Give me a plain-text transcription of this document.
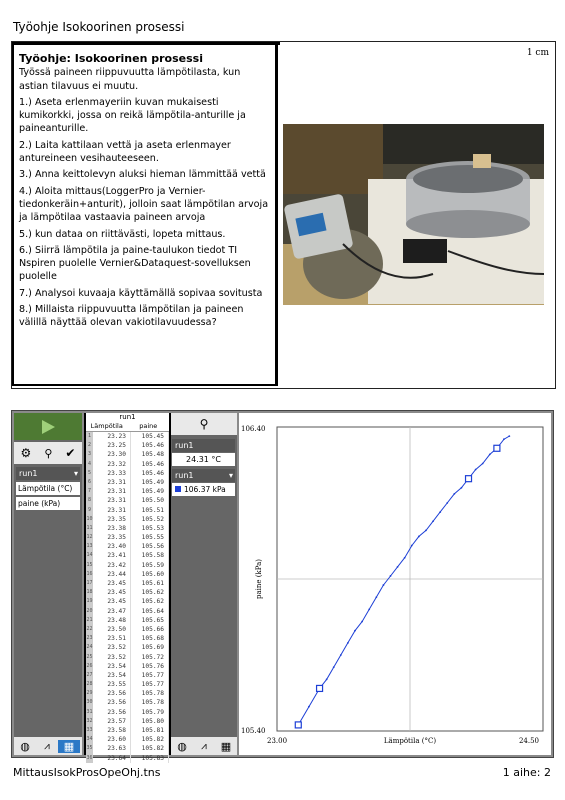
Työohje Isokoorinen prosessi
Työohje: Isokoorinen prosessi

Työssä paineen riippuvuutta lämpötilasta, kun astian tilavuus ei muutu.

1.) Aseta erlenmayeriin kuvan mukaisesti kumikorkki, jossa on reikä lämpötila-anturille ja paineanturille.

2.) Laita kattilaan vettä ja aseta erlenmayer antureineen vesihauteeseen.

3.) Anna keittolevyn aluksi hieman lämmittää vettä

4.) Aloita mittaus(LoggerPro ja Vernier-tiedonkeräin+anturit), jolloin saat lämpötilan arvoja ja lämpötilaa vastaavia paineen arvoja

5.) kun dataa on riittävästi, lopeta mittaus.

6.) Siirrä lämpötila ja paine-taulukon tiedot TI Nspiren puolelle Vernier&Dataquest-sovelluksen puolelle

7.) Analysoi kuvaaja käyttämällä sopivaa sovitusta

8.) Millaista riippuvuutta lämpötilan ja paineen välillä näyttää olevan vakiotilavuudessa?

1 cm
⚙ ⚲ ✔
run1	▾
Lämpötila (°C)
paine (kPa)
◍	⩘	▦
run1
Lämpötila	paine
1	23.23	105.45
2	23.25	105.46
3	23.30	105.48
4	23.32	105.46
5	23.33	105.46
6	23.31	105.49
7	23.31	105.49
8	23.31	105.50
9	23.31	105.51
10	23.35	105.52
11	23.38	105.53
12	23.35	105.55
13	23.40	105.56
14	23.41	105.58
15	23.42	105.59
16	23.44	105.60
17	23.45	105.61
18	23.45	105.62
19	23.45	105.62
20	23.47	105.64
21	23.48	105.65
22	23.50	105.66
23	23.51	105.68
24	23.52	105.69
25	23.52	105.72
26	23.54	105.76
27	23.54	105.77
28	23.55	105.77
29	23.56	105.78
30	23.56	105.78
31	23.56	105.79
32	23.57	105.80
33	23.58	105.81
34	23.60	105.82
35	23.63	105.82
36	23.64	105.83
⚲
run1
24.31 °C
run1	▾
106.37 kPa
◍	⩘	▦
106.40
105.40
23.00	24.50
Lämpötila (°C)
paine (kPa)
MittausIsokProsOpeOhj.tns	1 aihe: 2
